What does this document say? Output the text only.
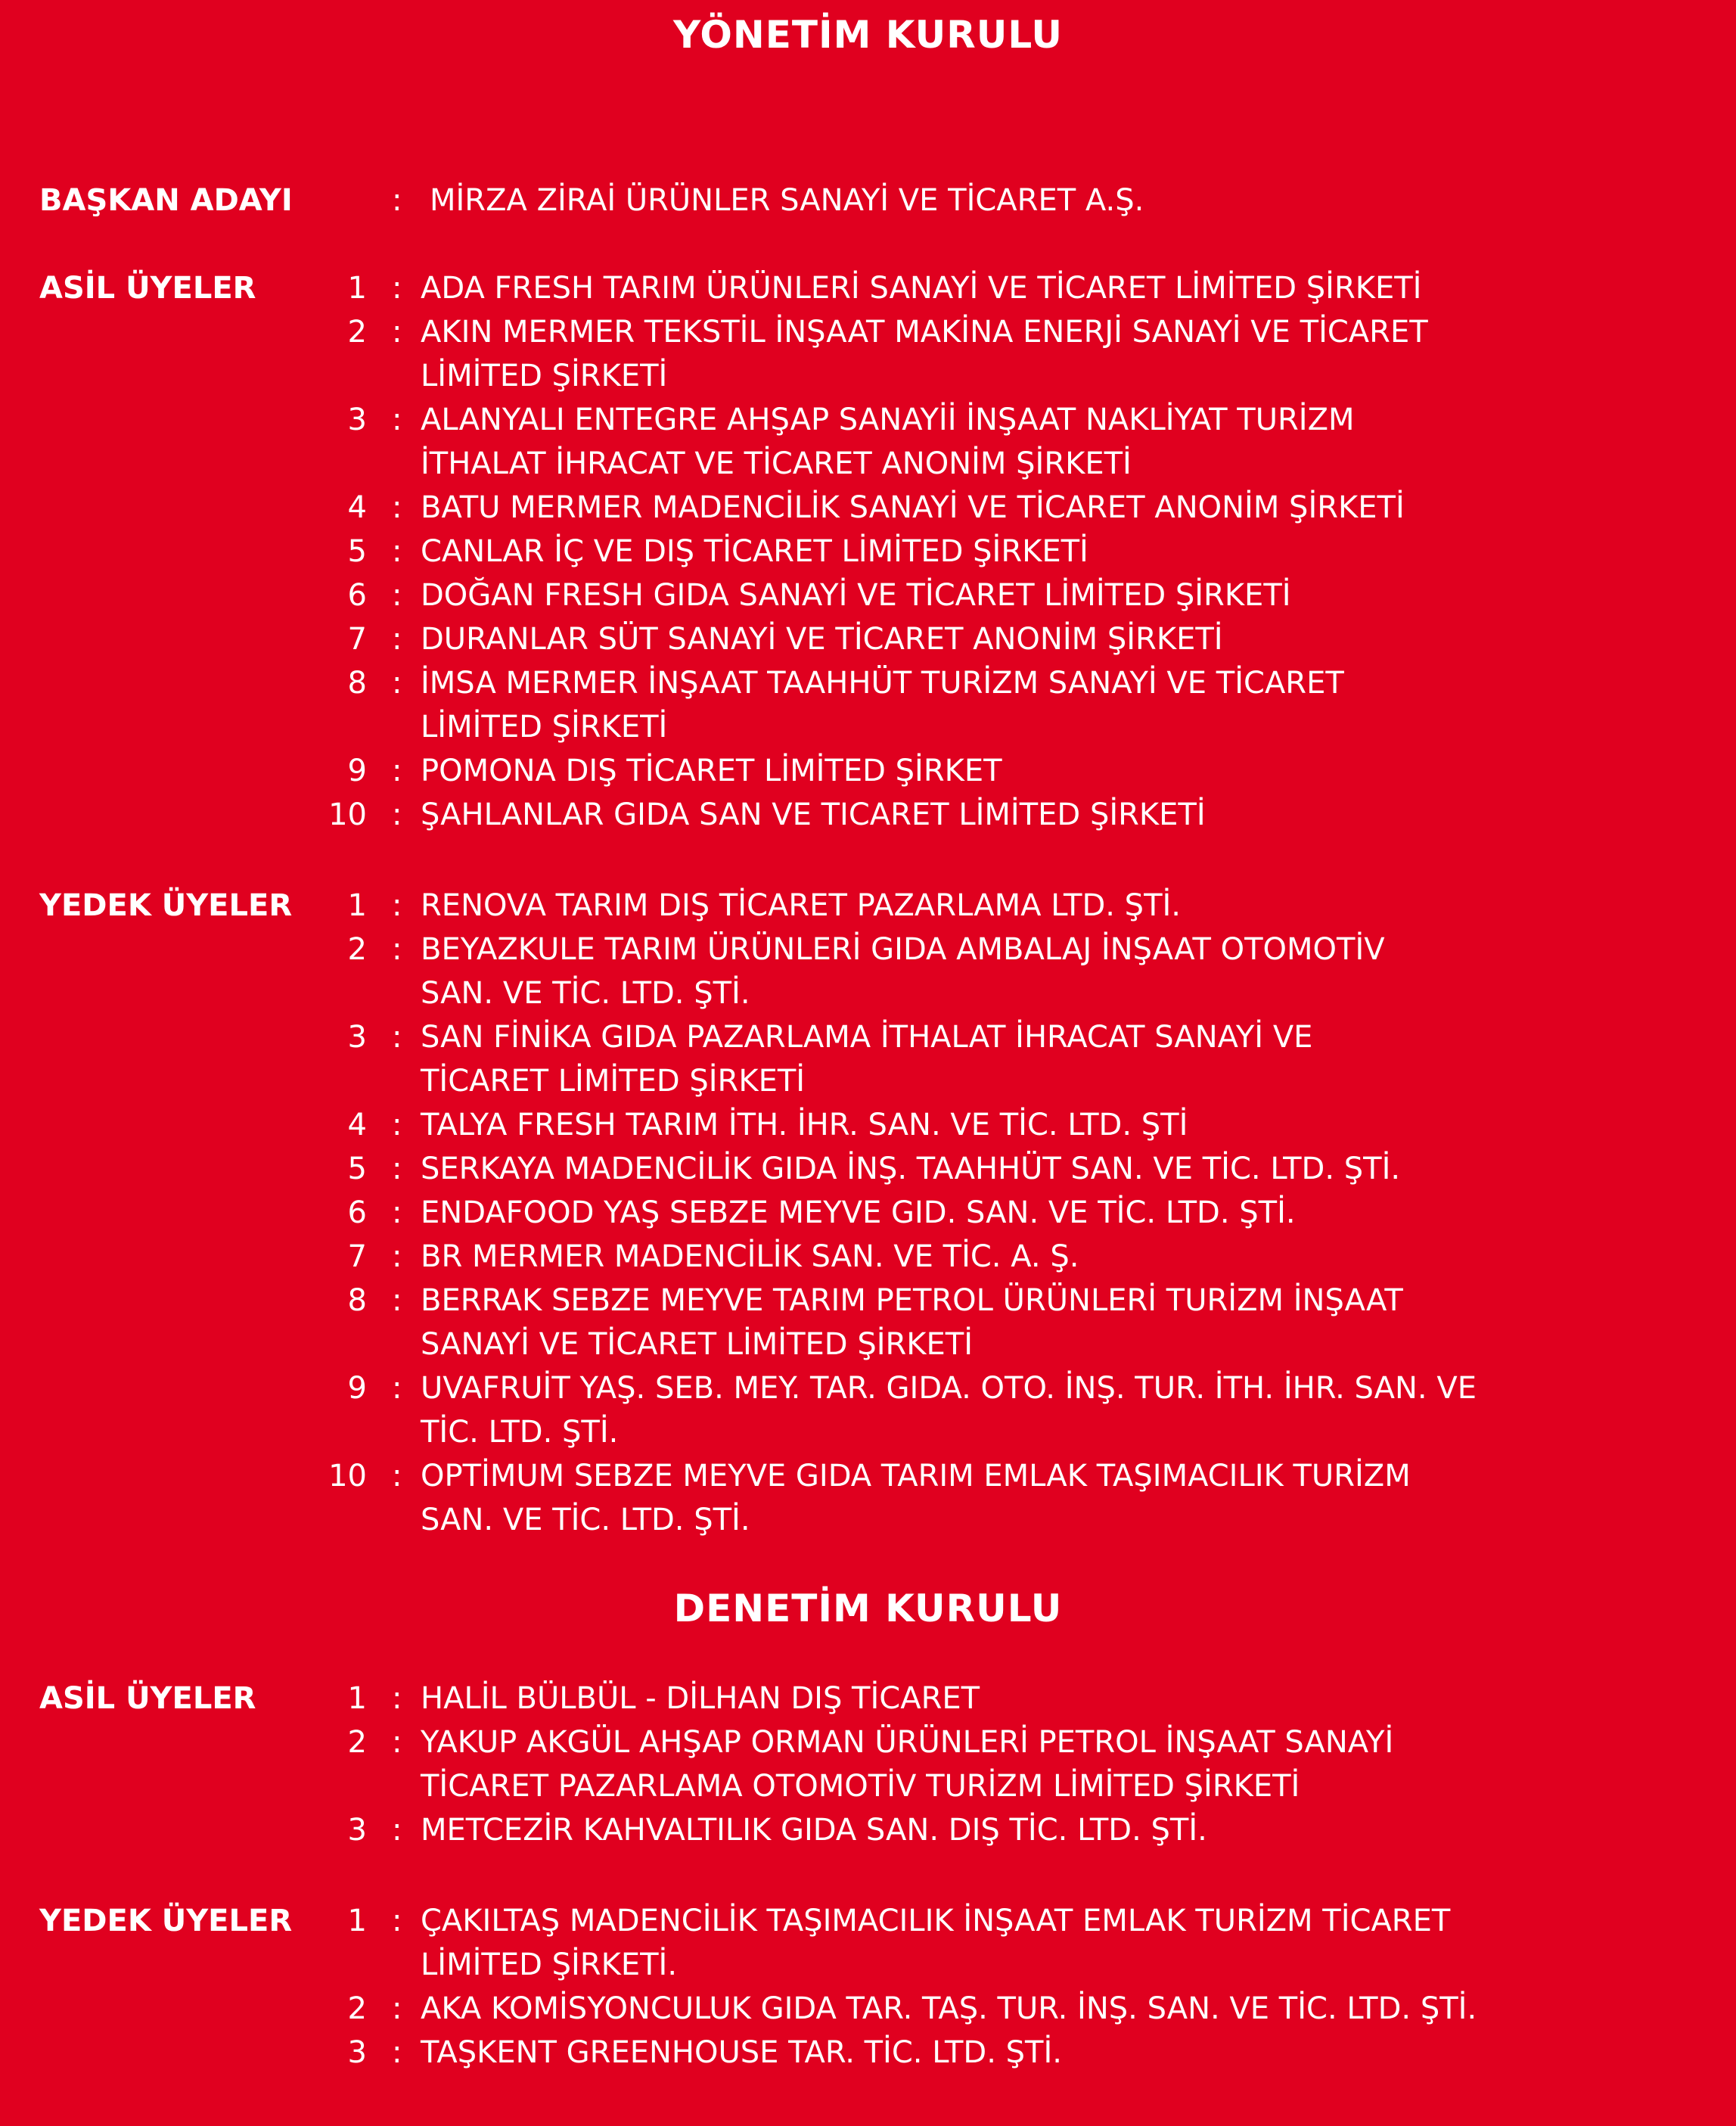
YÖNETİM KURULU
BAŞKAN ADAYI	: MİRZA ZİRAİ ÜRÜNLER SANAYİ VE TİCARET A.Ş.
ASİL ÜYELER	1 : ADA FRESH TARIM ÜRÜNLERİ SANAYİ VE TİCARET LİMİTED ŞİRKETİ
2 : AKIN MERMER TEKSTİL İNŞAAT MAKİNA ENERJİ SANAYİ VE TİCARET
LİMİTED ŞİRKETİ
3 : ALANYALI ENTEGRE AHŞAP SANAYİİ İNŞAAT NAKLİYAT TURİZM
İTHALAT İHRACAT VE TİCARET ANONİM ŞİRKETİ
4 : BATU MERMER MADENCİLİK SANAYİ VE TİCARET ANONİM ŞİRKETİ
5 : CANLAR İÇ VE DIŞ TİCARET LİMİTED ŞİRKETİ
6 : DOĞAN FRESH GIDA SANAYİ VE TİCARET LİMİTED ŞİRKETİ
7 : DURANLAR SÜT SANAYİ VE TİCARET ANONİM ŞİRKETİ
8 : İMSA MERMER İNŞAAT TAAHHÜT TURİZM SANAYİ VE TİCARET
LİMİTED ŞİRKETİ
9 : POMONA DIŞ TİCARET LİMİTED ŞİRKET
10 : ŞAHLANLAR GIDA SAN VE TICARET LİMİTED ŞİRKETİ
YEDEK ÜYELER	1 : RENOVA TARIM DIŞ TİCARET PAZARLAMA LTD. ŞTİ.
2 : BEYAZKULE TARIM ÜRÜNLERİ GIDA AMBALAJ İNŞAAT OTOMOTİV
SAN. VE TİC. LTD. ŞTİ.
3 : SAN FİNİKA GIDA PAZARLAMA İTHALAT İHRACAT SANAYİ VE
TİCARET LİMİTED ŞİRKETİ
4 : TALYA FRESH TARIM İTH. İHR. SAN. VE TİC. LTD. ŞTİ
5 : SERKAYA MADENCİLİK GIDA İNŞ. TAAHHÜT SAN. VE TİC. LTD. ŞTİ.
6 : ENDAFOOD YAŞ SEBZE MEYVE GID. SAN. VE TİC. LTD. ŞTİ.
7 : BR MERMER MADENCİLİK SAN. VE TİC. A. Ş.
8 : BERRAK SEBZE MEYVE TARIM PETROL ÜRÜNLERİ TURİZM İNŞAAT
SANAYİ VE TİCARET LİMİTED ŞİRKETİ
9 : UVAFRUİT YAŞ. SEB. MEY. TAR. GIDA. OTO. İNŞ. TUR. İTH. İHR. SAN. VE
TİC. LTD. ŞTİ.
10 : OPTİMUM SEBZE MEYVE GIDA TARIM EMLAK TAŞIMACILIK TURİZM
SAN. VE TİC. LTD. ŞTİ.
DENETİM KURULU
ASİL ÜYELER	1 : HALİL BÜLBÜL - DİLHAN DIŞ TİCARET
2 : YAKUP AKGÜL AHŞAP ORMAN ÜRÜNLERİ PETROL İNŞAAT SANAYİ
TİCARET PAZARLAMA OTOMOTİV TURİZM LİMİTED ŞİRKETİ
3 : METCEZİR KAHVALTILIK GIDA SAN. DIŞ TİC. LTD. ŞTİ.
YEDEK ÜYELER	1 : ÇAKILTAŞ MADENCİLİK TAŞIMACILIK İNŞAAT EMLAK TURİZM TİCARET
LİMİTED ŞİRKETİ.
2 : AKA KOMİSYONCULUK GIDA TAR. TAŞ. TUR. İNŞ. SAN. VE TİC. LTD. ŞTİ.
3 : TAŞKENT GREENHOUSE TAR. TİC. LTD. ŞTİ.
